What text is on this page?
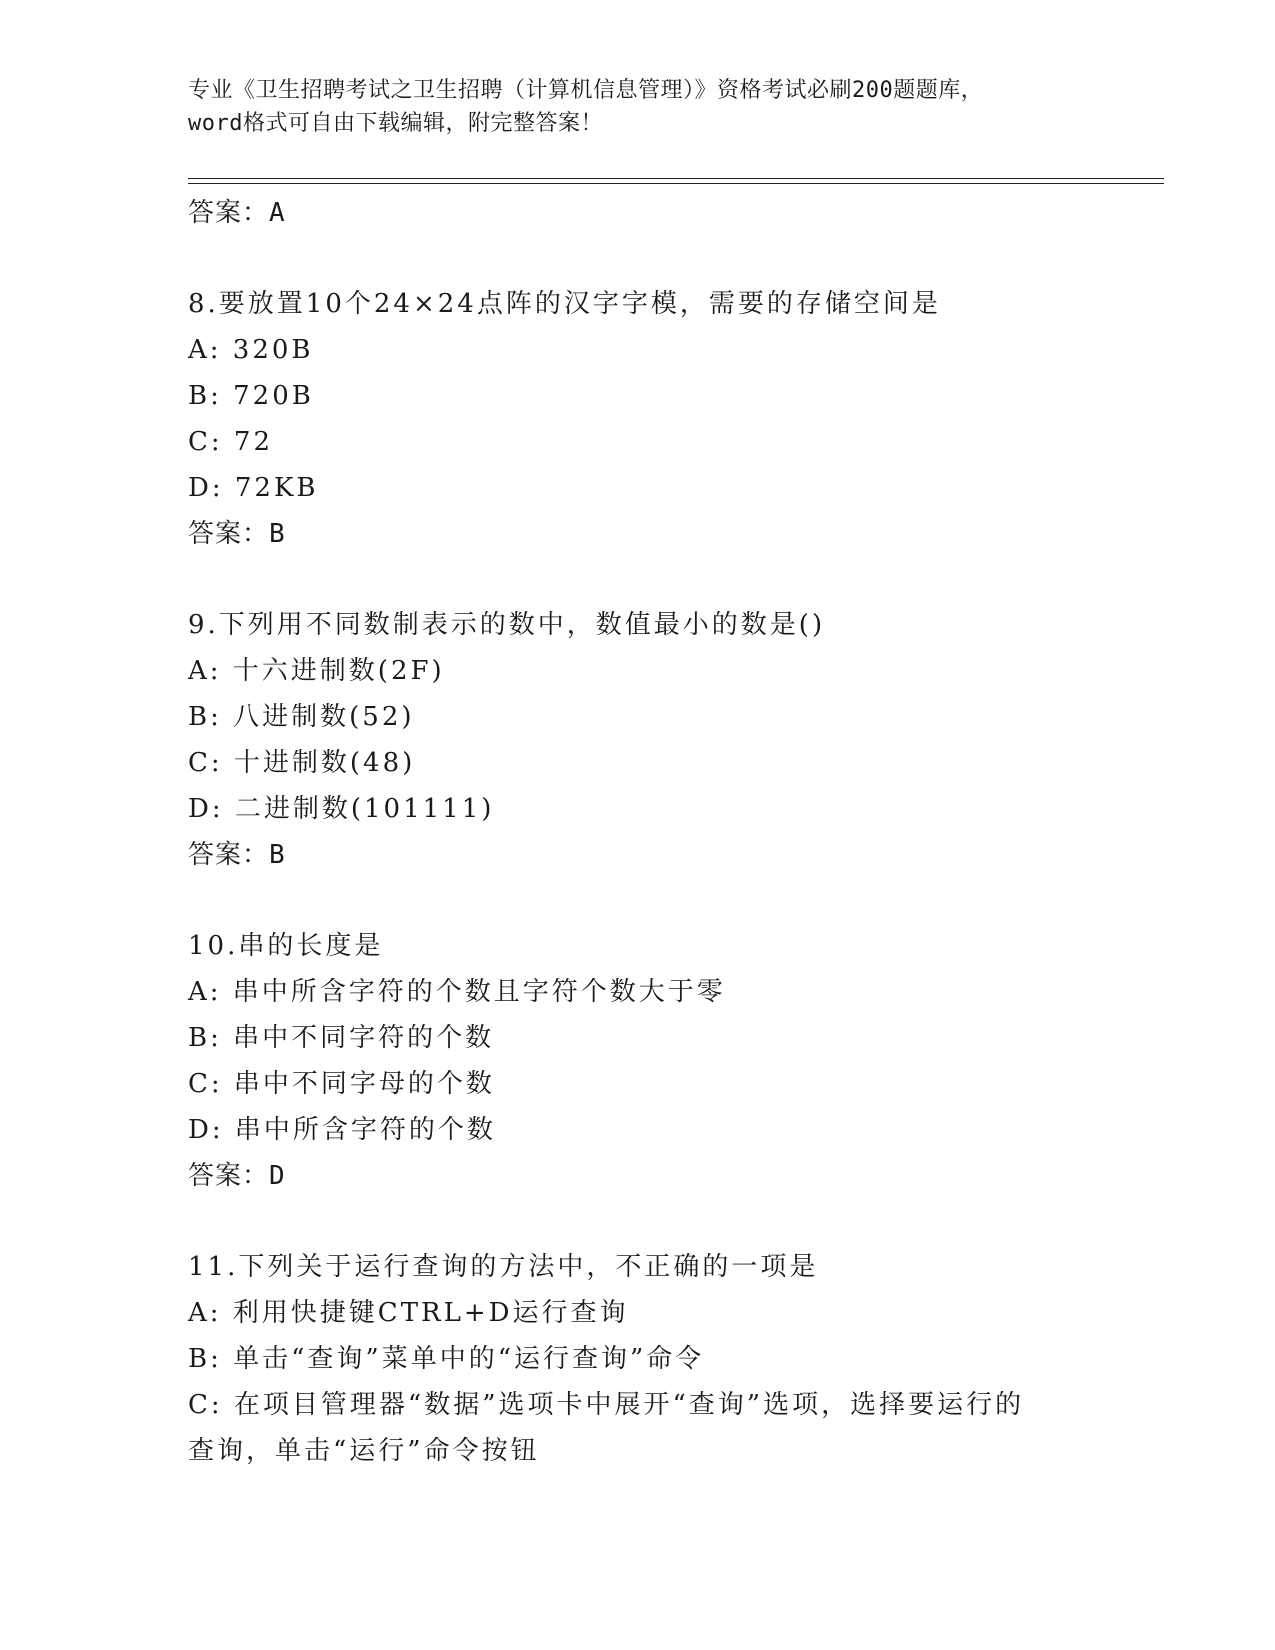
专业《卫生招聘考试之卫生招聘（计算机信息管理）》资格考试必刷200题题库，
word格式可自由下载编辑，附完整答案！
答案：A
8.要放置10个24×24点阵的汉字字模，需要的存储空间是
A: 320B
B: 720B
C: 72
D: 72KB
答案：B
9.下列用不同数制表示的数中，数值最小的数是()
A: 十六进制数(2F)
B: 八进制数(52)
C: 十进制数(48)
D: 二进制数(101111)
答案：B
10.串的长度是
A: 串中所含字符的个数且字符个数大于零
B: 串中不同字符的个数
C: 串中不同字母的个数
D: 串中所含字符的个数
答案：D
11.下列关于运行查询的方法中，不正确的一项是
A: 利用快捷键CTRL+D运行查询
B: 单击“查询”菜单中的“运行查询”命令
C: 在项目管理器“数据”选项卡中展开“查询”选项，选择要运行的
查询，单击“运行”命令按钮
